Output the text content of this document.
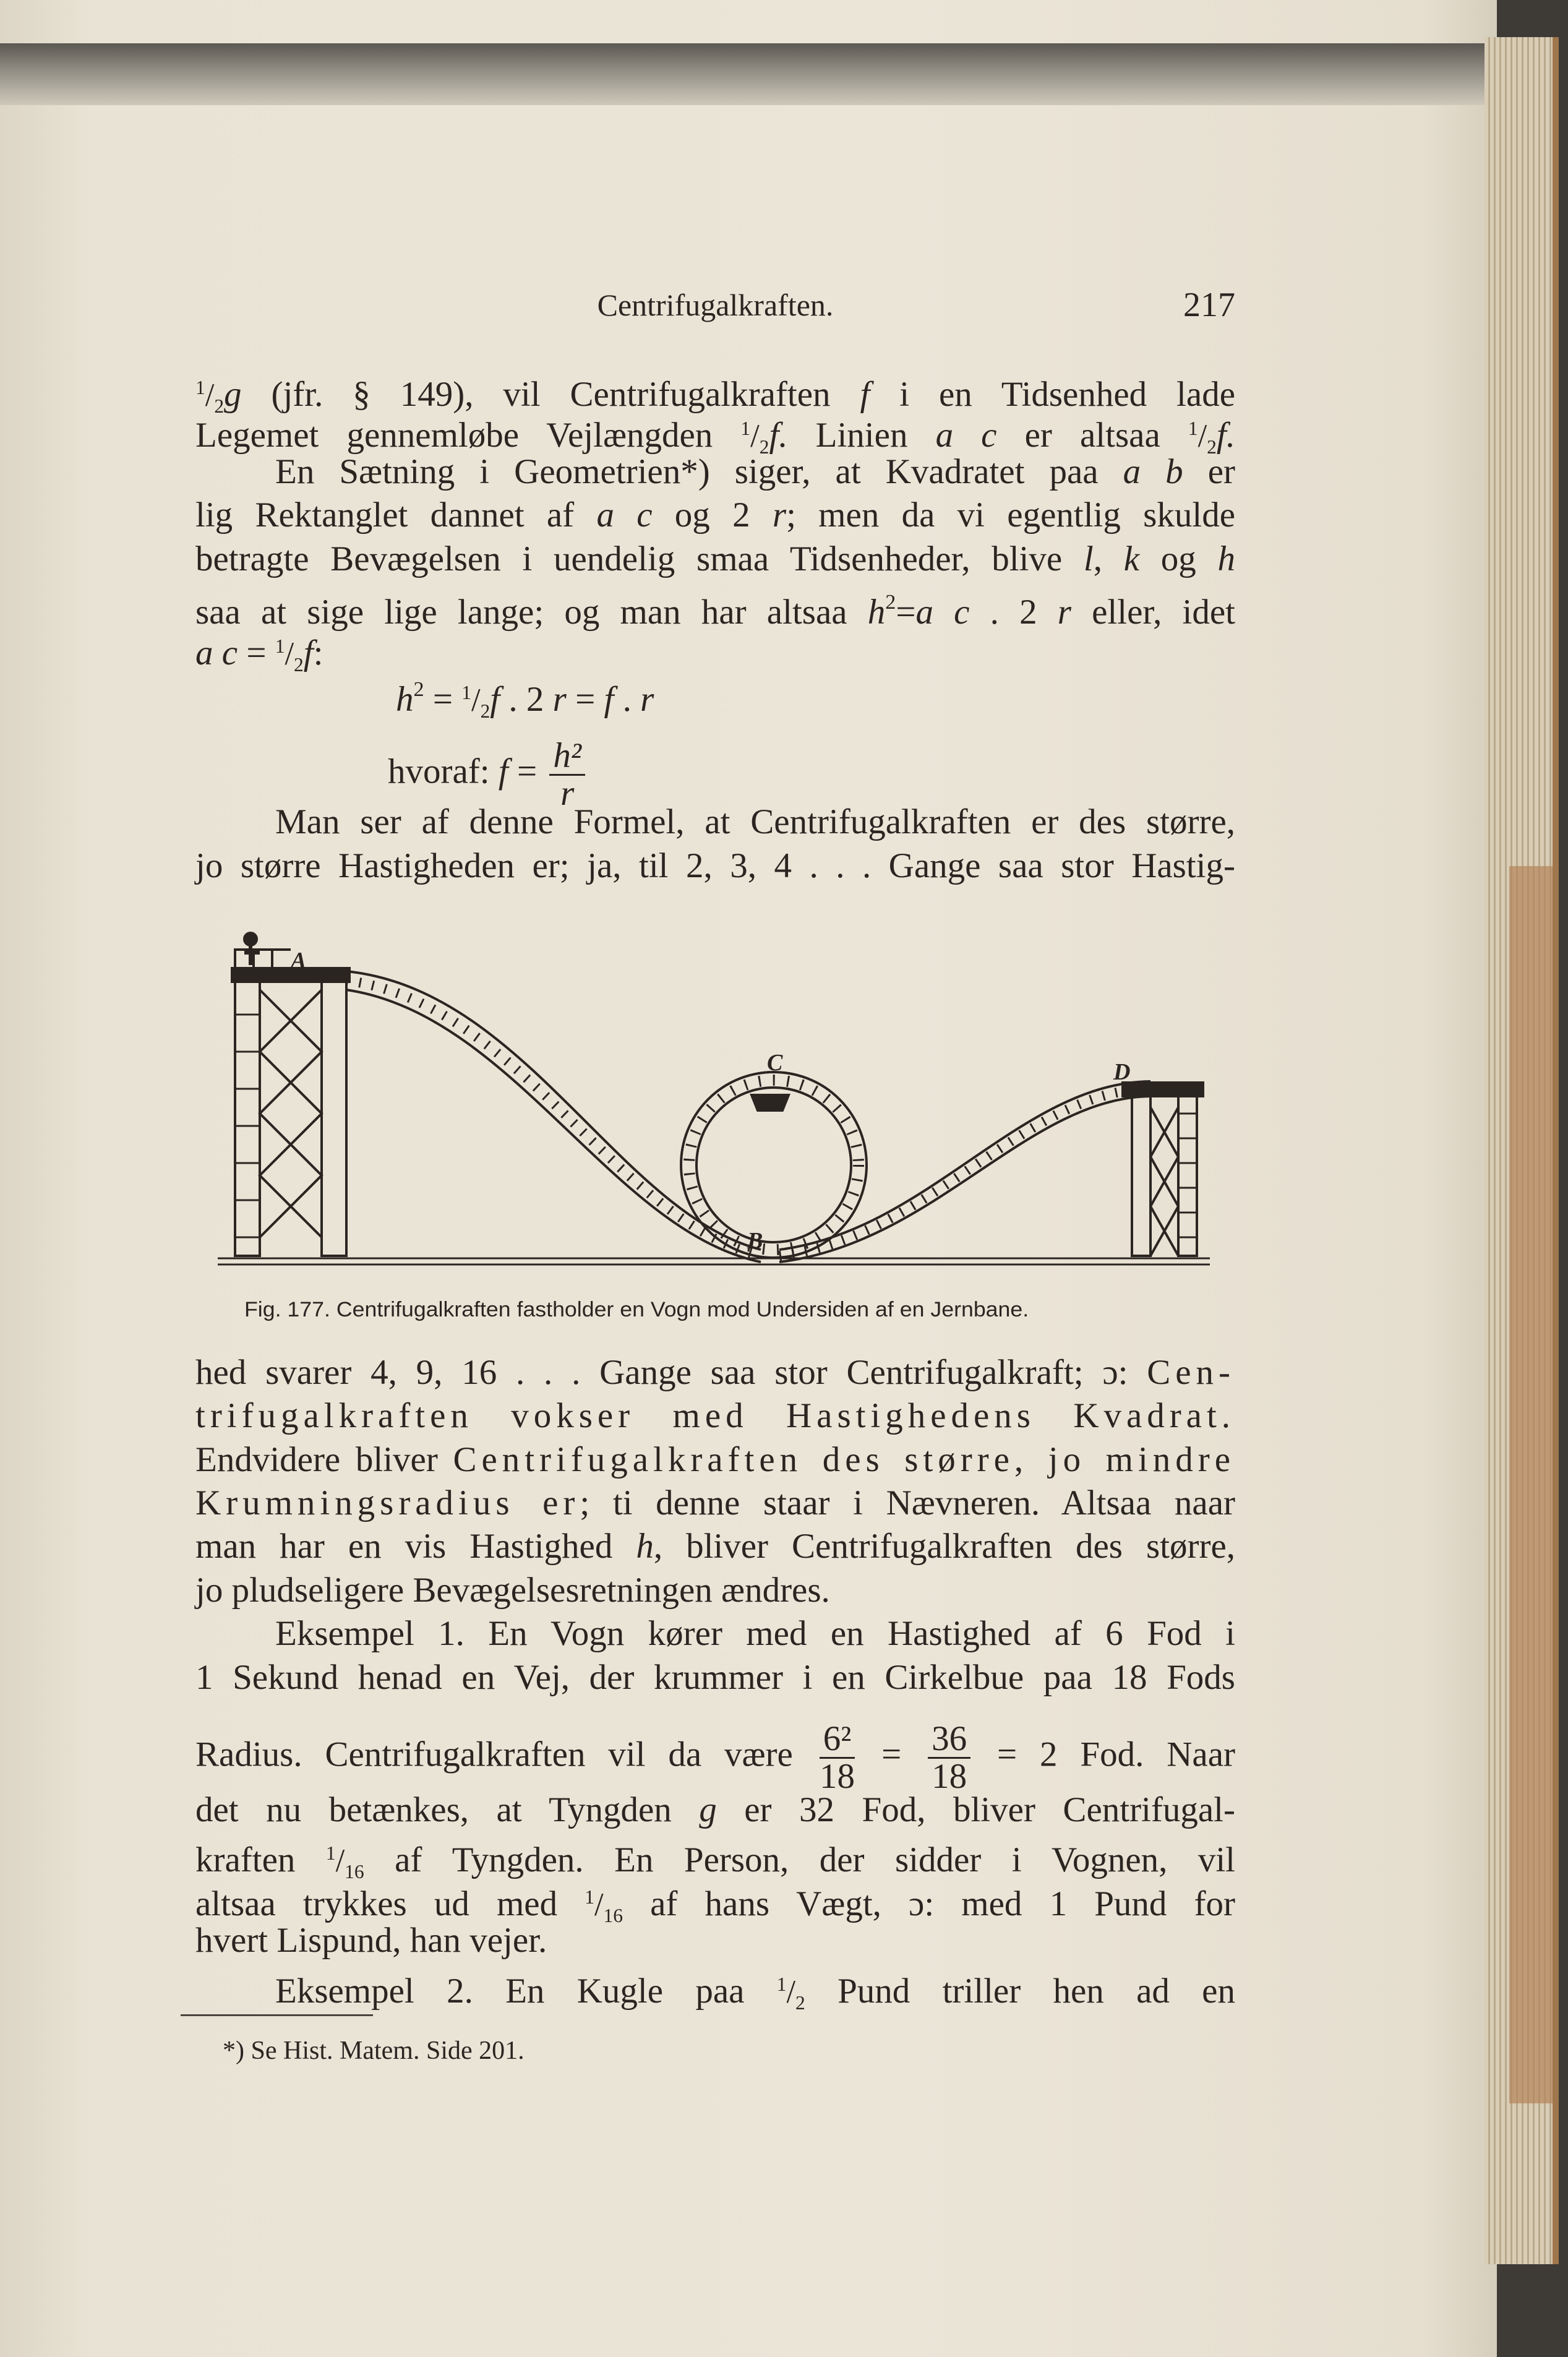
Centrifugalkraften.	217
$^1/_2g$ (jfr. § 149), vil Centrifugalkraften f i en Tidsenhed lade
Legemet gennemløbe Vejlængden $^1/_2f$. Linien a c er altsaa $^1/_2f$.
En Sætning i Geometrien*) siger, at Kvadratet paa a b er
lig Rektanglet dannet af a c og 2 r; men da vi egentlig skulde
betragte Bevægelsen i uendelig smaa Tidsenheder, blive l, k og h
saa at sige lige lange; og man har altsaa $h^2=a$ c . 2 r eller, idet
a $c = ^1/_2f$:
$h^2 = ^1/_2f$ . 2 r = f . r
hvoraf: $f = \frac{\text{h²}}{r}$
Man ser af denne Formel, at Centrifugalkraften er des større,
jo større Hastigheden er; ja, til 2, 3, 4 . . . Gange saa stor Hastig-
hed svarer 4, 9, 16 . . . Gange saa stor Centrifugalkraft; ɔ: Cen-
trifugalkraften vokser med Hastighedens Kvadrat.
Endvidere bliver Centrifugalkraften des større, jo mindre
Krumningsradius er; ti denne staar i Nævneren. Altsaa naar
man har en vis Hastighed h, bliver Centrifugalkraften des større,
jo pludseligere Bevægelsesretningen ændres.
Eksempel 1. En Vogn kører med en Hastighed af 6 Fod i
1 Sekund henad en Vej, der krummer i en Cirkelbue paa 18 Fods
Radius. Centrifugalkraften vil da være $\frac{\text{6²}}{18} = \frac{36}{18} = 2$ Fod. Naar
det nu betænkes, at Tyngden g er 32 Fod, bliver Centrifugal-
kraften $^1/_{16}$ af Tyngden. En Person, der sidder i Vognen, vil
altsaa trykkes ud med $^1/_{16}$ af hans Vægt, ɔ: med 1 Pund for
hvert Lispund, han vejer.
Eksempel 2. En Kugle paa $^1/_2$ Pund triller hen ad en
A
B
C	D
Fig. 177. Centrifugalkraften fastholder en Vogn mod Undersiden af en Jernbane.
*) Se Hist. Matem. Side 201.
